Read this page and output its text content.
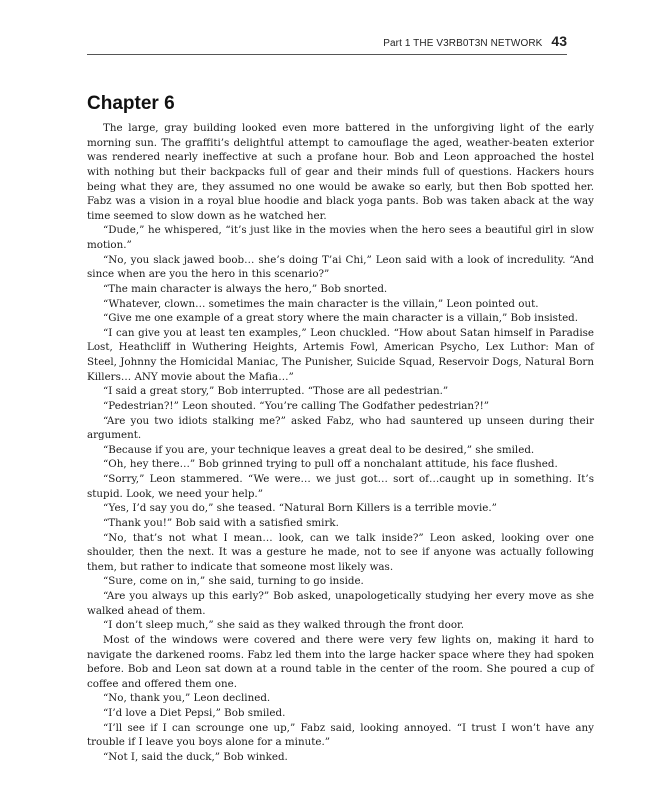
Part 1 THE V3RB0T3N NETWORK 43
Chapter 6

The large, gray building looked even more battered in the unforgiving light of the early morning sun. The graffiti’s delightful attempt to camouflage the aged, weather-beaten exterior was rendered nearly ineffective at such a profane hour. Bob and Leon approached the hostel with nothing but their backpacks full of gear and their minds full of questions. Hackers hours being what they are, they assumed no one would be awake so early, but then Bob spotted her. Fabz was a vision in a royal blue hoodie and black yoga pants. Bob was taken aback at the way time seemed to slow down as he watched her.

“Dude,” he whispered, “it’s just like in the movies when the hero sees a beautiful girl in slow motion.”

“No, you slack jawed boob… she’s doing T’ai Chi,” Leon said with a look of incredulity. “And since when are you the hero in this scenario?”

“The main character is always the hero,” Bob snorted.

“Whatever, clown… sometimes the main character is the villain,” Leon pointed out.

“Give me one example of a great story where the main character is a villain,” Bob insisted.

“I can give you at least ten examples,” Leon chuckled. “How about Satan himself in Paradise Lost, Heathcliff in Wuthering Heights, Artemis Fowl, American Psycho, Lex Luthor: Man of Steel, Johnny the Homicidal Maniac, The Punisher, Suicide Squad, Reservoir Dogs, Natural Born Killers… ANY movie about the Mafia…”

“I said a great story,” Bob interrupted. “Those are all pedestrian.”

“Pedestrian?!” Leon shouted. “You’re calling The Godfather pedestrian?!”

“Are you two idiots stalking me?” asked Fabz, who had sauntered up unseen during their argument.

“Because if you are, your technique leaves a great deal to be desired,” she smiled.

“Oh, hey there…” Bob grinned trying to pull off a nonchalant attitude, his face flushed.

“Sorry,” Leon stammered. “We were… we just got… sort of…caught up in something. It’s stupid. Look, we need your help.”

“Yes, I’d say you do,” she teased. “Natural Born Killers is a terrible movie.”

“Thank you!” Bob said with a satisfied smirk.

“No, that’s not what I mean… look, can we talk inside?” Leon asked, looking over one shoulder, then the next. It was a gesture he made, not to see if anyone was actually following them, but rather to indicate that someone most likely was.

“Sure, come on in,” she said, turning to go inside.

“Are you always up this early?” Bob asked, unapologetically studying her every move as she walked ahead of them.

“I don’t sleep much,” she said as they walked through the front door.

Most of the windows were covered and there were very few lights on, making it hard to navigate the darkened rooms. Fabz led them into the large hacker space where they had spoken before. Bob and Leon sat down at a round table in the center of the room. She poured a cup of coffee and offered them one.

“No, thank you,” Leon declined.

“I’d love a Diet Pepsi,” Bob smiled.

“I’ll see if I can scrounge one up,” Fabz said, looking annoyed. “I trust I won’t have any trouble if I leave you boys alone for a minute.”

“Not I, said the duck,” Bob winked.
